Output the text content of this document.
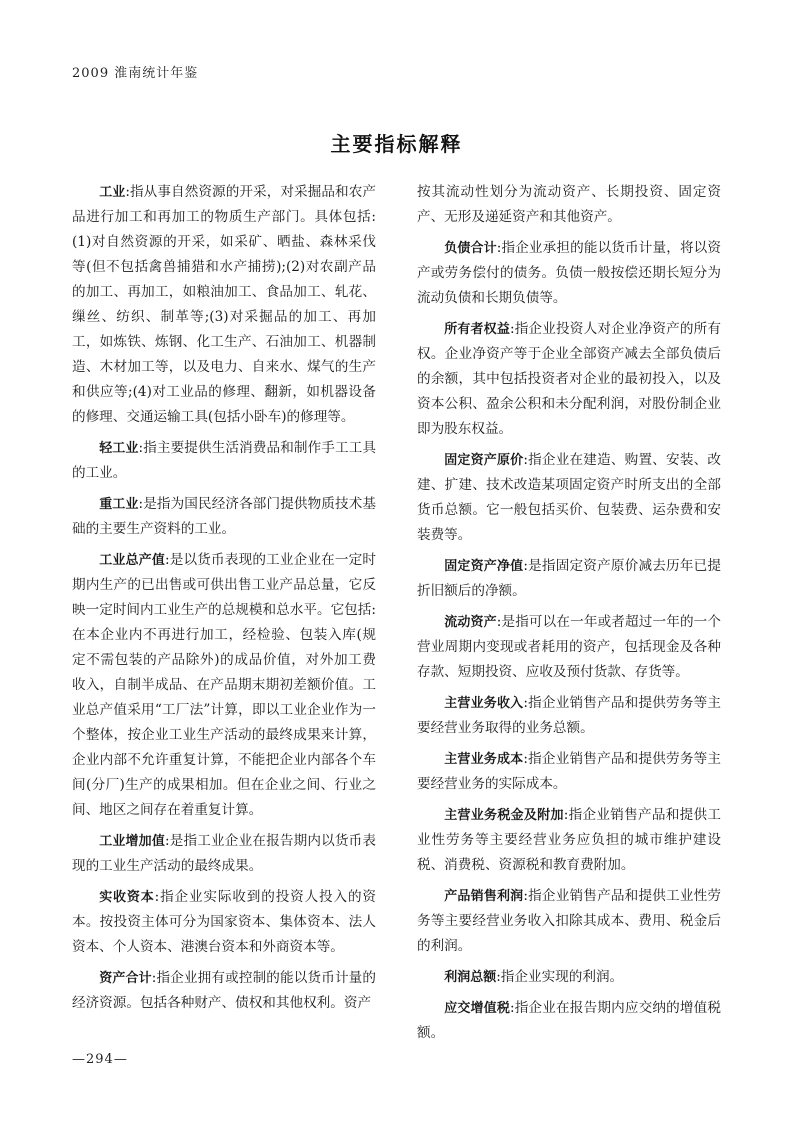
2009 淮南统计年鉴
主要指标解释

工业:指从事自然资源的开采，对采掘品和农产品进行加工和再加工的物质生产部门。具体包括:(1)对自然资源的开采，如采矿、晒盐、森林采伐等(但不包括禽兽捕猎和水产捕捞);(2)对农副产品的加工、再加工，如粮油加工、食品加工、轧花、缫丝、纺织、制革等;(3)对采掘品的加工、再加工，如炼铁、炼钢、化工生产、石油加工、机器制造、木材加工等，以及电力、自来水、煤气的生产和供应等;(4)对工业品的修理、翻新，如机器设备的修理、交通运输工具(包括小卧车)的修理等。

轻工业:指主要提供生活消费品和制作手工工具的工业。

重工业:是指为国民经济各部门提供物质技术基础的主要生产资料的工业。

工业总产值:是以货币表现的工业企业在一定时期内生产的已出售或可供出售工业产品总量，它反映一定时间内工业生产的总规模和总水平。它包括:在本企业内不再进行加工，经检验、包装入库(规定不需包装的产品除外)的成品价值，对外加工费收入，自制半成品、在产品期末期初差额价值。工业总产值采用“工厂法”计算，即以工业企业作为一个整体，按企业工业生产活动的最终成果来计算，企业内部不允许重复计算，不能把企业内部各个车间(分厂)生产的成果相加。但在企业之间、行业之间、地区之间存在着重复计算。

工业增加值:是指工业企业在报告期内以货币表现的工业生产活动的最终成果。

实收资本:指企业实际收到的投资人投入的资本。按投资主体可分为国家资本、集体资本、法人资本、个人资本、港澳台资本和外商资本等。

资产合计:指企业拥有或控制的能以货币计量的经济资源。包括各种财产、债权和其他权利。资产

按其流动性划分为流动资产、长期投资、固定资产、无形及递延资产和其他资产。

负债合计:指企业承担的能以货币计量，将以资产或劳务偿付的债务。负债一般按偿还期长短分为流动负债和长期负债等。

所有者权益:指企业投资人对企业净资产的所有权。企业净资产等于企业全部资产减去全部负债后的余额，其中包括投资者对企业的最初投入，以及资本公积、盈余公积和未分配利润，对股份制企业即为股东权益。

固定资产原价:指企业在建造、购置、安装、改建、扩建、技术改造某项固定资产时所支出的全部货币总额。它一般包括买价、包装费、运杂费和安装费等。

固定资产净值:是指固定资产原价减去历年已提折旧额后的净额。

流动资产:是指可以在一年或者超过一年的一个营业周期内变现或者耗用的资产，包括现金及各种存款、短期投资、应收及预付货款、存货等。

主营业务收入:指企业销售产品和提供劳务等主要经营业务取得的业务总额。

主营业务成本:指企业销售产品和提供劳务等主要经营业务的实际成本。

主营业务税金及附加:指企业销售产品和提供工业性劳务等主要经营业务应负担的城市维护建设税、消费税、资源税和教育费附加。

产品销售利润:指企业销售产品和提供工业性劳务等主要经营业务收入扣除其成本、费用、税金后的利润。

利润总额:指企业实现的利润。

应交增值税:指企业在报告期内应交纳的增值税额。

—294—
